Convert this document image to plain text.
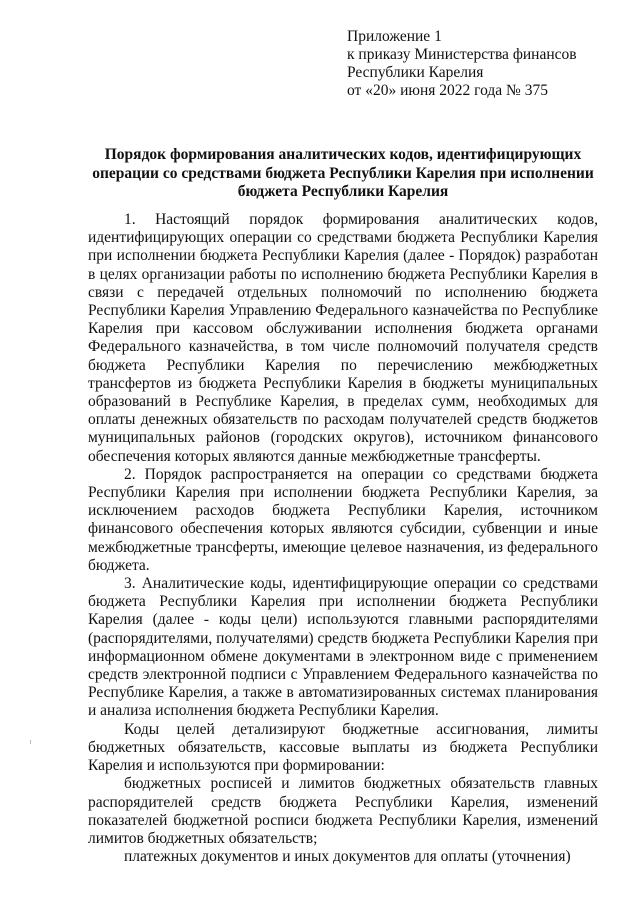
Приложение 1
к приказу Министерства финансов
Республики Карелия
от «20» июня 2022 года № 375
Порядок формирования аналитических кодов, идентифицирующих
операции со средствами бюджета Республики Карелия при исполнении
бюджета Республики Карелия

1. Настоящий порядок формирования аналитических кодов, идентифицирующих операции со средствами бюджета Республики Карелия при исполнении бюджета Республики Карелия (далее - Порядок) разработан в целях организации работы по исполнению бюджета Республики Карелия в связи с передачей отдельных полномочий по исполнению бюджета Республики Карелия Управлению Федерального казначейства по Республике Карелия при кассовом обслуживании исполнения бюджета органами Федерального казначейства, в том числе полномочий получателя средств бюджета Республики Карелия по перечислению межбюджетных трансфертов из бюджета Республики Карелия в бюджеты муниципальных образований в Республике Карелия, в пределах сумм, необходимых для оплаты денежных обязательств по расходам получателей средств бюджетов муниципальных районов (городских округов), источником финансового обеспечения которых являются данные межбюджетные трансферты.

2. Порядок распространяется на операции со средствами бюджета Республики Карелия при исполнении бюджета Республики Карелия, за исключением расходов бюджета Республики Карелия, источником финансового обеспечения которых являются субсидии, субвенции и иные межбюджетные трансферты, имеющие целевое назначения, из федерального бюджета.

3. Аналитические коды, идентифицирующие операции со средствами бюджета Республики Карелия при исполнении бюджета Республики Карелия (далее - коды цели) используются главными распорядителями (распорядителями, получателями) средств бюджета Республики Карелия при информационном обмене документами в электронном виде с применением средств электронной подписи с Управлением Федерального казначейства по Республике Карелия, а также в автоматизированных системах планирования и анализа исполнения бюджета Республики Карелия.

Коды целей детализируют бюджетные ассигнования, лимиты бюджетных обязательств, кассовые выплаты из бюджета Республики Карелия и используются при формировании:

бюджетных росписей и лимитов бюджетных обязательств главных распорядителей средств бюджета Республики Карелия, изменений показателей бюджетной росписи бюджета Республики Карелия, изменений лимитов бюджетных обязательств;

платежных документов и иных документов для оплаты (уточнения)
